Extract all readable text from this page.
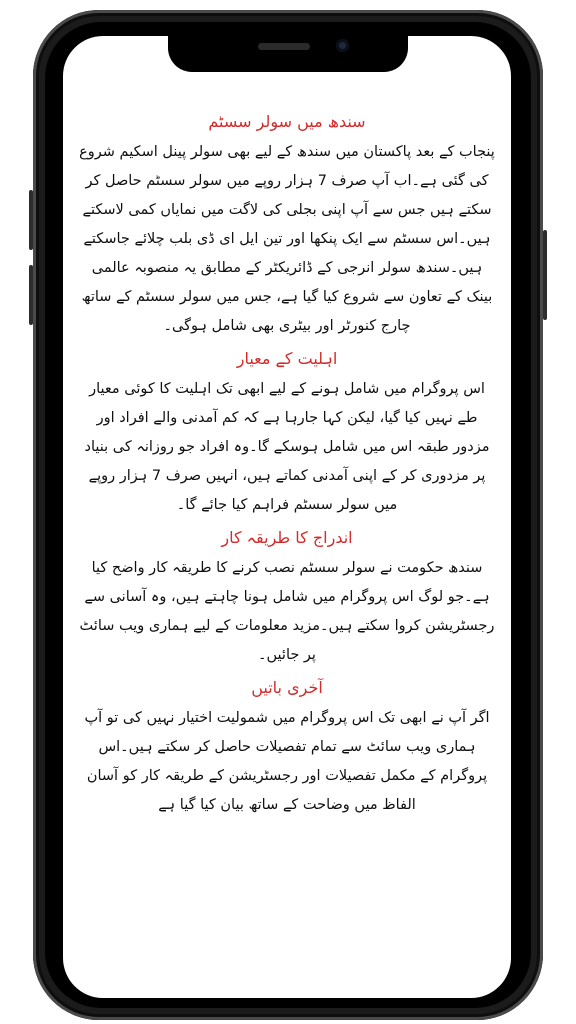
سندھ میں سولر سسٹم

پنجاب کے بعد پاکستان میں سندھ کے لیے بھی سولر پینل اسکیم شروع کی گئی ہے۔اب آپ صرف 7 ہزار روپے میں سولر سسٹم حاصل کر سکتے ہیں جس سے آپ اپنی بجلی کی لاگت میں نمایاں کمی لاسکتے ہیں۔اس سسٹم سے ایک پنکھا اور تین ایل ای ڈی بلب چلائے جاسکتے ہیں۔سندھ سولر انرجی کے ڈائریکٹر کے مطابق یہ منصوبہ عالمی بینک کے تعاون سے شروع کیا گیا ہے، جس میں سولر سسٹم کے ساتھ چارج کنورٹر اور بیٹری بھی شامل ہوگی۔

اہلیت کے معیار

اس پروگرام میں شامل ہونے کے لیے ابھی تک اہلیت کا کوئی معیار طے نہیں کیا گیا، لیکن کہا جارہا ہے کہ کم آمدنی والے افراد اور مزدور طبقہ اس میں شامل ہوسکے گا۔وہ افراد جو روزانہ کی بنیاد پر مزدوری کر کے اپنی آمدنی کماتے ہیں، انہیں صرف 7 ہزار روپے میں سولر سسٹم فراہم کیا جائے گا۔

اندراج کا طریقہ کار

سندھ حکومت نے سولر سسٹم نصب کرنے کا طریقہ کار واضح کیا ہے۔جو لوگ اس پروگرام میں شامل ہونا چاہتے ہیں، وہ آسانی سے رجسٹریشن کروا سکتے ہیں۔مزید معلومات کے لیے ہماری ویب سائٹ پر جائیں۔

آخری باتیں

اگر آپ نے ابھی تک اس پروگرام میں شمولیت اختیار نہیں کی تو آپ ہماری ویب سائٹ سے تمام تفصیلات حاصل کر سکتے ہیں۔اس پروگرام کے مکمل تفصیلات اور رجسٹریشن کے طریقہ کار کو آسان الفاظ میں وضاحت کے ساتھ بیان کیا گیا ہے
